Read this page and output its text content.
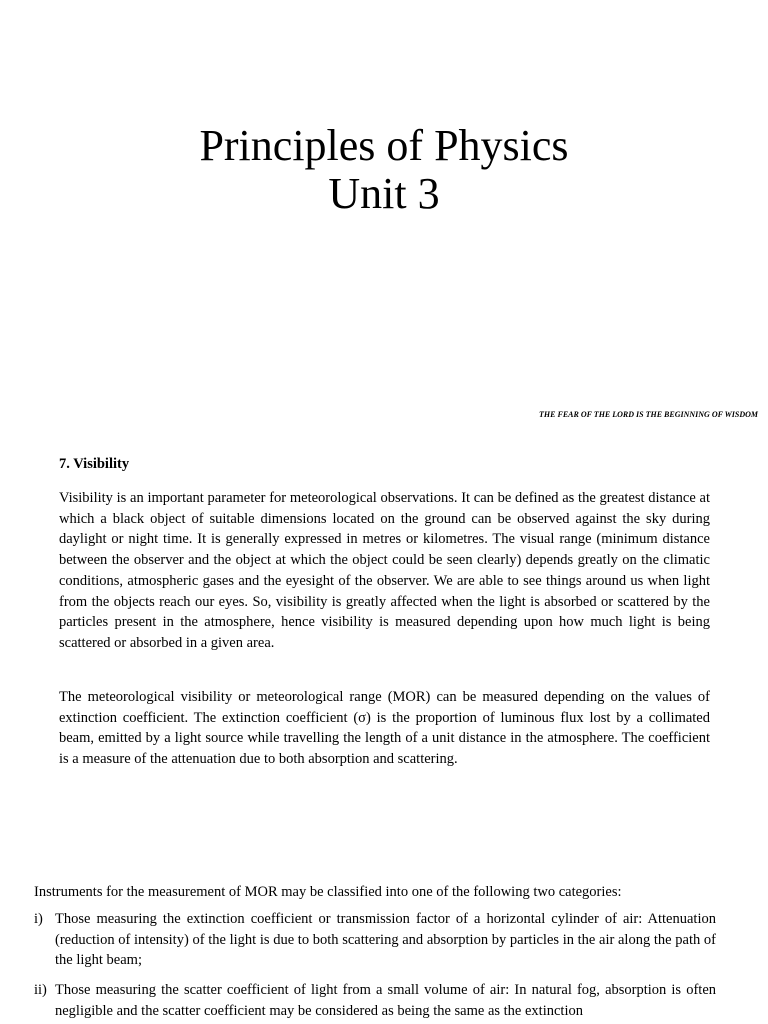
Principles of Physics
Unit 3
THE FEAR OF THE LORD IS THE BEGINNING OF WISDOM
7. Visibility

Visibility is an important parameter for meteorological observations. It can be defined as the greatest distance at which a black object of suitable dimensions located on the ground can be observed against the sky during daylight or night time. It is generally expressed in metres or kilometres. The visual range (minimum distance between the observer and the object at which the object could be seen clearly) depends greatly on the climatic conditions, atmospheric gases and the eyesight of the observer. We are able to see things around us when light from the objects reach our eyes. So, visibility is greatly affected when the light is absorbed or scattered by the particles present in the atmosphere, hence visibility is measured depending upon how much light is being scattered or absorbed in a given area.

The meteorological visibility or meteorological range (MOR) can be measured depending on the values of extinction coefficient. The extinction coefficient (σ) is the proportion of luminous flux lost by a collimated beam, emitted by a light source while travelling the length of a unit distance in the atmosphere. The coefficient is a measure of the attenuation due to both absorption and scattering.

Instruments for the measurement of MOR may be classified into one of the following two categories:
i) Those measuring the extinction coefficient or transmission factor of a horizontal cylinder of air: Attenuation (reduction of intensity) of the light is due to both scattering and absorption by particles in the air along the path of the light beam;
ii) Those measuring the scatter coefficient of light from a small volume of air: In natural fog, absorption is often negligible and the scatter coefficient may be considered as being the same as the extinction
